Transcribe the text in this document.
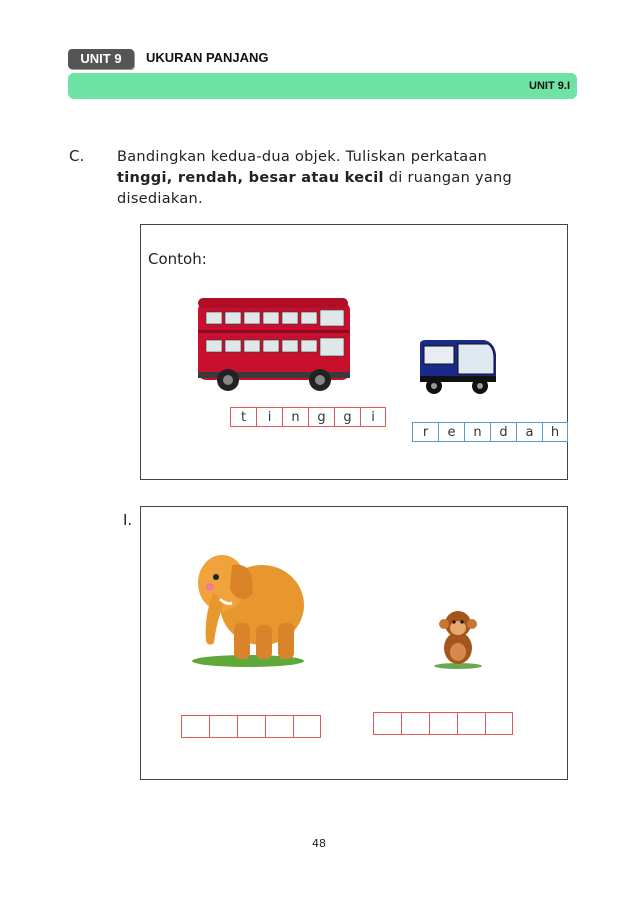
UNIT 9	UKURAN PANJANG
UNIT 9.I
C. Bandingkan kedua-dua objek. Tuliskan perkataan
tinggi, rendah, besar atau kecil di ruangan yang disediakan.
Contoh:
t	i	n	g	g	i
r	e	n	d	a	h
I.
48
